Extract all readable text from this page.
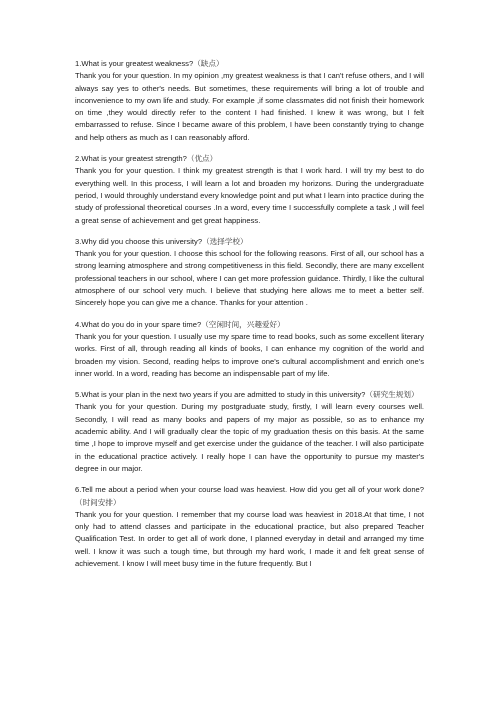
1.What is your greatest weakness?（缺点）

Thank you for your question. In my opinion ,my greatest weakness is that I can't refuse others, and I will always say yes to other's needs. But sometimes, these requirements will bring a lot of trouble and inconvenience to my own life and study. For example ,if some classmates did not finish their homework on time ,they would directly refer to the content I had finished. I knew it was wrong, but I felt embarrassed to refuse. Since I became aware of this problem, I have been constantly trying to change and help others as much as I can reasonably afford.

2.What is your greatest strength?（优点）

Thank you for your question. I think my greatest strength is that I work hard. I will try my best to do everything well. In this process, I will learn a lot and broaden my horizons. During the undergraduate period, I would throughly understand every knowledge point and put what I learn into practice during the study of professional theoretical courses .In a word, every time I successfully complete a task ,I will feel a great sense of achievement and get great happiness.

3.Why did you choose this university?（选择学校）

Thank you for your question. I choose this school for the following reasons. First of all, our school has a strong learning atmosphere and strong competitiveness in this field. Secondly, there are many excellent professional teachers in our school, where I can get more profession guidance. Thirdly, I like the cultural atmosphere of our school very much. I believe that studying here allows me to meet a better self. Sincerely hope you can give me a chance. Thanks for your attention .

4.What do you do in your spare time?（空闲时间，兴趣爱好）

Thank you for your question. I usually use my spare time to read books, such as some excellent literary works. First of all, through reading all kinds of books, I can enhance my cognition of the world and broaden my vision. Second, reading helps to improve one's cultural accomplishment and enrich one's inner world. In a word, reading has become an indispensable part of my life.

5.What is your plan in the next two years if you are admitted to study in this university?（研究生规划）

Thank you for your question. During my postgraduate study, firstly, I will learn every courses well. Secondly, I will read as many books and papers of my major as possible, so as to enhance my academic ability. And I will gradually clear the topic of my graduation thesis on this basis. At the same time ,I hope to improve myself and get exercise under the guidance of the teacher. I will also participate in the educational practice actively. I really hope I can have the opportunity to pursue my master's degree in our major.

6.Tell me about a period when your course load was heaviest. How did you get all of your work done?（时间安排）

Thank you for your question. I remember that my course load was heaviest in 2018.At that time, I not only had to attend classes and participate in the educational practice, but also prepared Teacher Qualification Test. In order to get all of work done, I planned everyday in detail and arranged my time well. I know it was such a tough time, but through my hard work, I made it and felt great sense of achievement. I know I will meet busy time in the future frequently. But I
